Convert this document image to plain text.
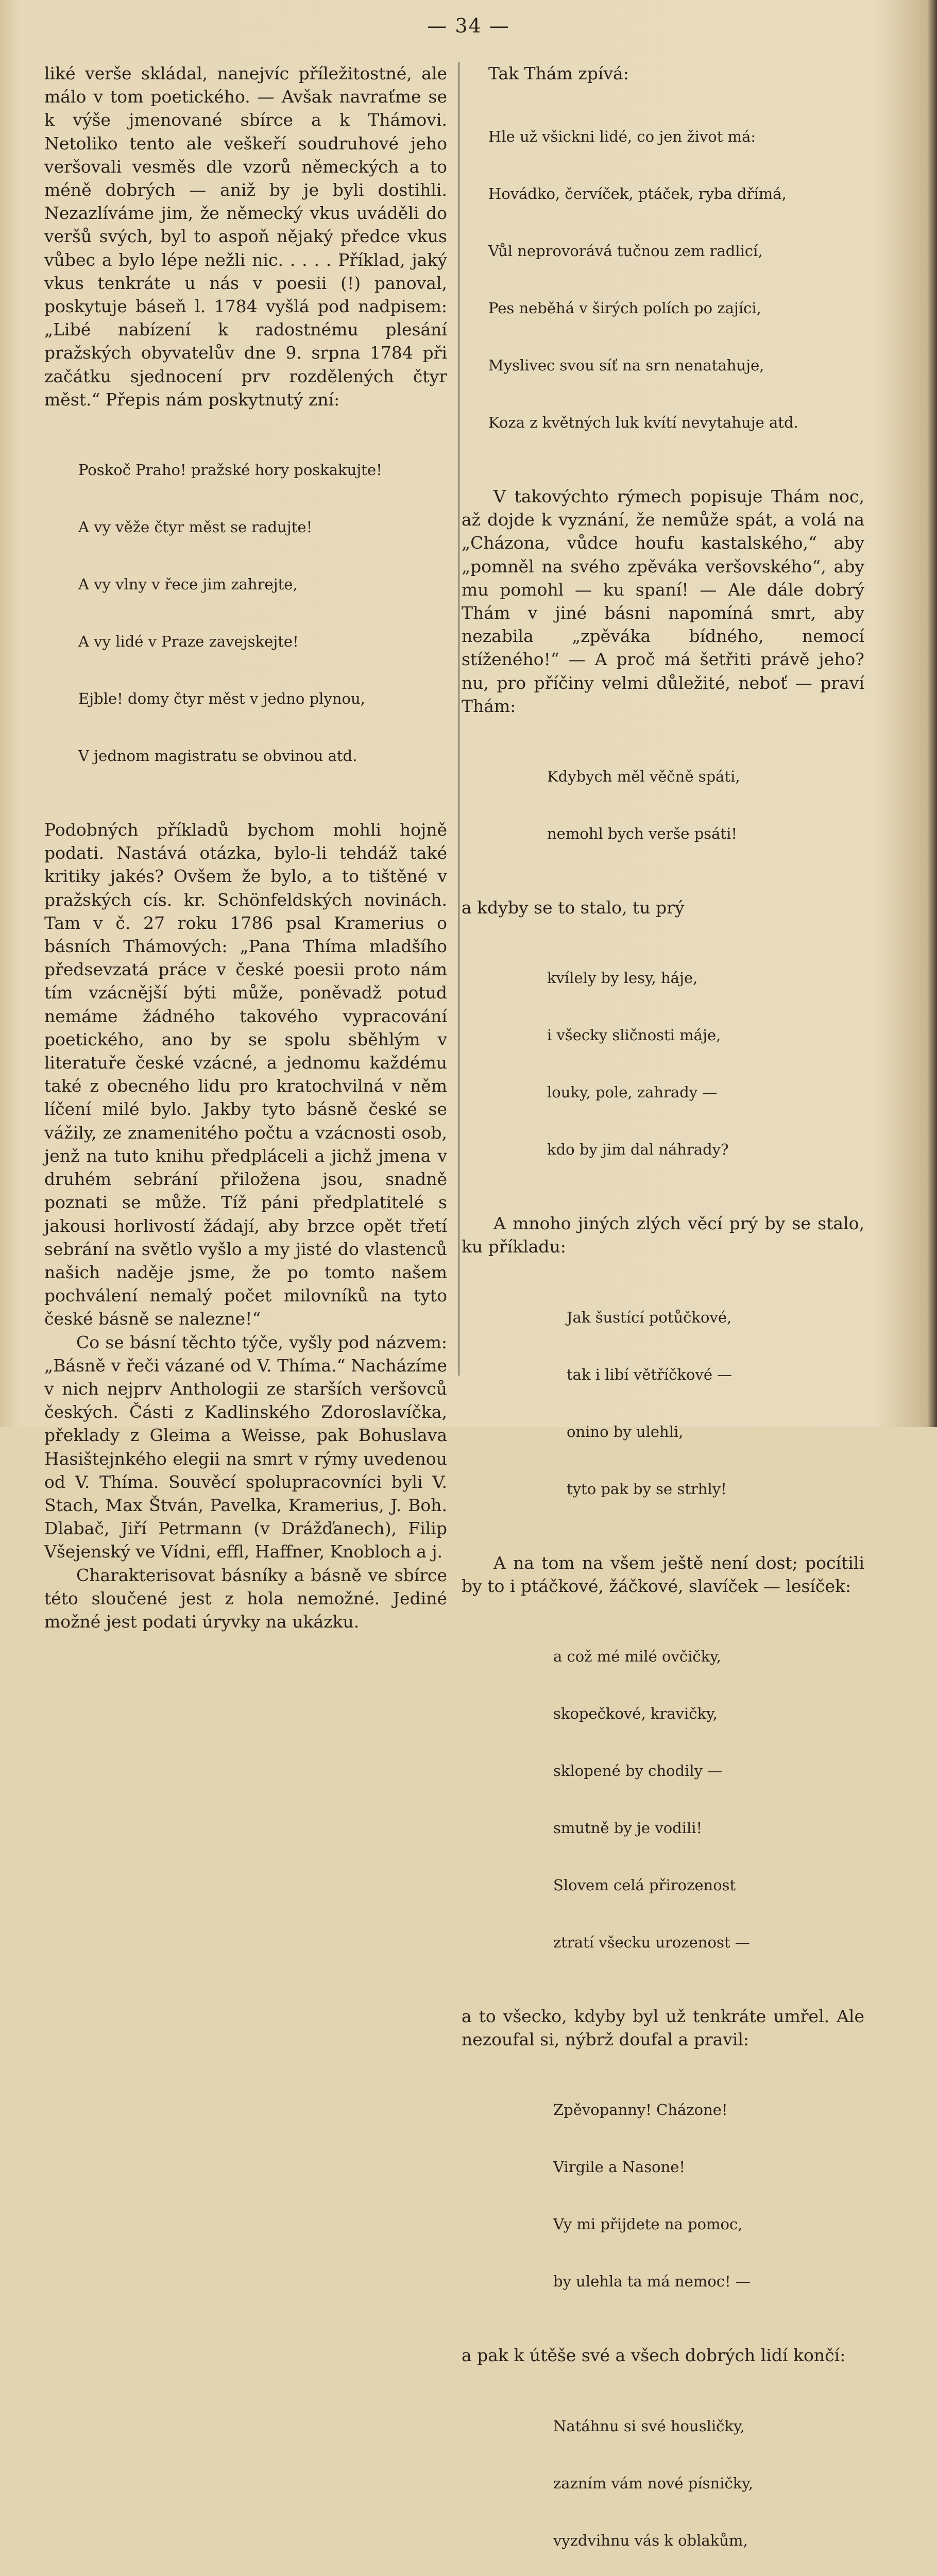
— 34 —

liké verše skládal, nanejvíc příležitostné, ale málo v tom poetického. — Avšak navraťme se k výše jmenované sbírce a k Thámovi. Netoliko tento ale veškeří soudruhové jeho veršovali vesměs dle vzorů německých a to méně dobrých — aniž by je byli dostihli. Nezazlíváme jim, že německý vkus uváděli do veršů svých, byl to aspoň nějaký předce vkus vůbec a bylo lépe nežli nic. . . . . Příklad, jaký vkus tenkráte u nás v poesii (!) panoval, poskytuje báseň l. 1784 vyšlá pod nadpisem: „Libé nabízení k radostnému plesání pražských obyvatelův dne 9. srpna 1784 při začátku sjednocení prv rozdělených čtyr měst.“ Přepis nám poskytnutý zní:

Poskoč Praho! pražské hory poskakujte!

A vy věže čtyr měst se radujte!

A vy vlny v řece jim zahrejte,

A vy lidé v Praze zavejskejte!

Ejble! domy čtyr měst v jedno plynou,

V jednom magistratu se obvinou atd.

Podobných příkladů bychom mohli hojně podati. Nastává otázka, bylo-li tehdáž také kritiky jakés? Ovšem že bylo, a to tištěné v pražských cís. kr. Schönfeldských novinách. Tam v č. 27 roku 1786 psal Kramerius o básních Thámových: „Pana Thíma mladšího předsevzatá práce v české poesii proto nám tím vzácnější býti může, poněvadž potud nemáme žádného takového vypracování poetického, ano by se spolu sběhlým v literatuře české vzácné, a jednomu každému také z obecného lidu pro kratochvilná v něm líčení milé bylo. Jakby tyto básně české se vážily, ze znamenitého počtu a vzácnosti osob, jenž na tuto knihu předpláceli a jichž jmena v druhém sebrání přiložena jsou, snadně poznati se může. Tíž páni předplatitelé s jakousi horlivostí žádají, aby brzce opět třetí sebrání na světlo vyšlo a my jisté do vlastenců našich naděje jsme, že po tomto našem pochválení nemalý počet milovníků na tyto české básně se nalezne!“

Co se básní těchto týče, vyšly pod názvem: „Básně v řeči vázané od V. Thíma.“ Nacházíme v nich nejprv Anthologii ze starších veršovců českých. Části z Kadlinského Zdoroslavíčka, překlady z Gleima a Weisse, pak Bohuslava Hasištejnkého elegii na smrt v rýmy uvedenou od V. Thíma. Souvěcí spolupracovníci byli V. Stach, Max Štván, Pavelka, Kramerius, J. Boh. Dlabač, Jiří Petrmann (v Drážďanech), Filip Všejenský ve Vídni, effl, Haffner, Knobloch a j.

Charakterisovat básníky a básně ve sbírce této sloučené jest z hola nemožné. Jediné možné jest podati úryvky na ukázku.

Tak Thám zpívá:

Hle už všickni lidé, co jen život má:

Hovádko, červíček, ptáček, ryba dřímá,

Vůl neprovorává tučnou zem radlicí,

Pes neběhá v širých polích po zajíci,

Myslivec svou síť na srn nenatahuje,

Koza z květných luk kvítí nevytahuje atd.

V takovýchto rýmech popisuje Thám noc, až dojde k vyznání, že nemůže spát, a volá na „Cházona, vůdce houfu kastalského,“ aby „pomněl na svého zpěváka veršovského“, aby mu pomohl — ku spaní! — Ale dále dobrý Thám v jiné básni napomíná smrt, aby nezabila „zpěváka bídného, nemocí stíženého!“ — A proč má šetřiti právě jeho? nu, pro příčiny velmi důležité, neboť — praví Thám:

Kdybych měl věčně spáti,

nemohl bych verše psáti!

a kdyby se to stalo, tu prý

kvílely by lesy, háje,

i všecky sličnosti máje,

louky, pole, zahrady —

kdo by jim dal náhrady?

A mnoho jiných zlých věcí prý by se stalo, ku příkladu:

Jak šustící potůčkové,

tak i libí větříčkové —

onino by ulehli,

tyto pak by se strhly!

A na tom na všem ještě není dost; pocítili by to i ptáčkové, žáčkové, slavíček — lesíček:

a což mé milé ovčičky,

skopečkové, kravičky,

sklopené by chodily —

smutně by je vodili!

Slovem celá přirozenost

ztratí všecku urozenost —

a to všecko, kdyby byl už tenkráte umřel. Ale nezoufal si, nýbrž doufal a pravil:

Zpěvopanny! Cházone!

Virgile a Nasone!

Vy mi přijdete na pomoc,

by ulehla ta má nemoc! —

a pak k útěše své a všech dobrých lidí končí:

Natáhnu si své housličky,

zazním vám nové písničky,

vyzdvihnu vás k oblakům,
